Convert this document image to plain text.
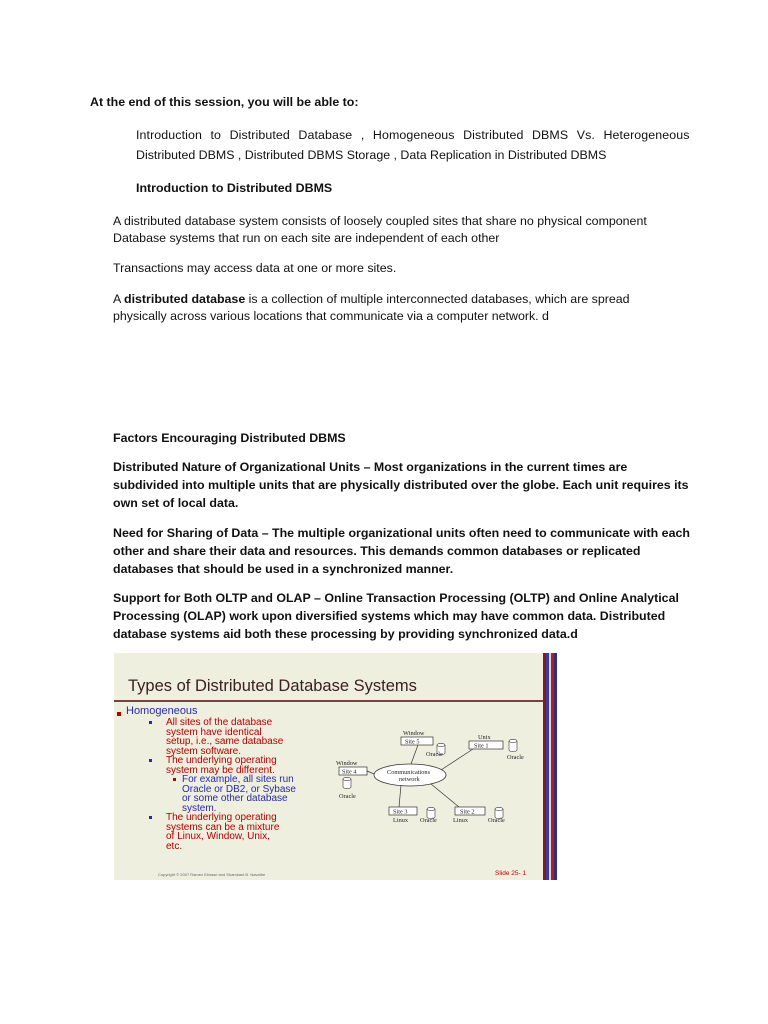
At the end of this session, you will be able to:

Introduction to Distributed Database , Homogeneous Distributed DBMS Vs. Heterogeneous

Distributed DBMS , Distributed DBMS Storage , Data Replication in Distributed DBMS

Introduction to Distributed DBMS

A distributed database system consists of loosely coupled sites that share no physical component

Database systems that run on each site are independent of each other

Transactions may access data at one or more sites.

A distributed database is a collection of multiple interconnected databases, which are spread

physically across various locations that communicate via a computer network. d

Factors Encouraging Distributed DBMS

Distributed Nature of Organizational Units – Most organizations in the current times are

subdivided into multiple units that are physically distributed over the globe. Each unit requires its

own set of local data.

Need for Sharing of Data – The multiple organizational units often need to communicate with each

other and share their data and resources. This demands common databases or replicated

databases that should be used in a synchronized manner.

Support for Both OLTP and OLAP – Online Transaction Processing (OLTP) and Online Analytical

Processing (OLAP) work upon diversified systems which may have common data. Distributed

database systems aid both these processing by providing synchronized data.d

Types of Distributed Database Systems

Homogeneous

All sites of the database

system have identical

setup, i.e., same database

system software.

The underlying operating

system may be different.

For example, all sites run

Oracle or DB2, or Sybase

or some other database

system.

The underlying operating

systems can be a mixture

of Linux, Window, Unix,

etc.

Window
Site 5
Oracle
Unix
Site 1
Oracle
Window
Site 4	Communications
network
Oracle
Site 3	Site 2
Linux Oracle	Linux	Oracle

Copyright © 2007 Ramez Elmasri and Shamkant B. Navathe	Slide 25- 1
